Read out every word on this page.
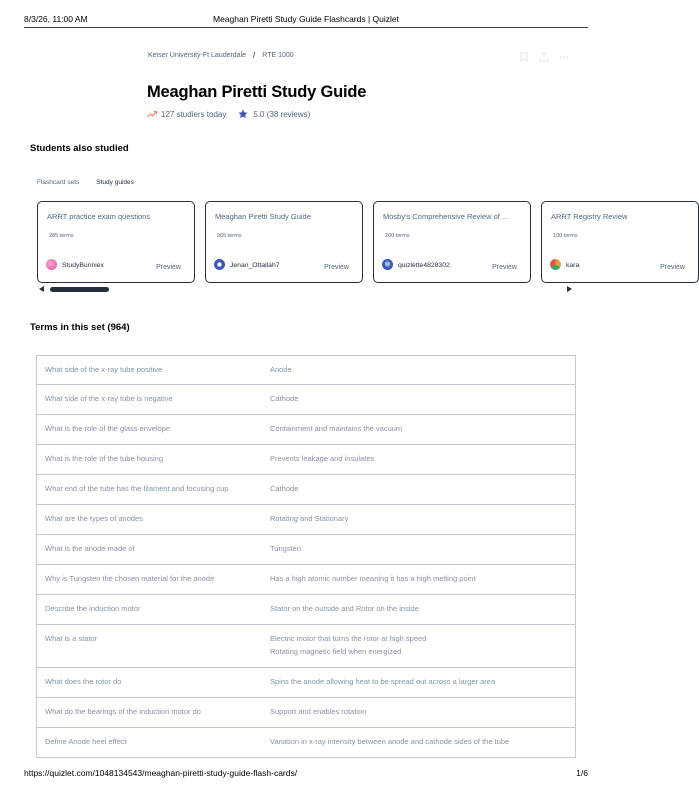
8/3/26, 11:00 AM	Meaghan Piretti Study Guide Flashcards | Quizlet
Keiser University-Ft Lauderdale / RTE 1000
Meaghan Piretti Study Guide
127 studiers today	5.0 (38 reviews)
Students also studied
Flashcard sets	Study guides
ARRT practice exam questions
285 terms
StudyBunniex	Preview
Meaghan Piretti Study Guide
965 terms
Jenan_Ottallah7	Preview
Mosby's Comprehensive Review of ...
200 terms
quizlette4828302	Preview
ARRT Registry Review
100 terms
kara	Preview
Terms in this set (964)
What side of the x-ray tube positive	Anode
What side of the x-ray tube is negative	Cathode
What is the role of the glass envelope	Containment and maintains the vacuum
What is the role of the tube housing	Prevents leakage and insulates
What end of the tube has the filament and focusing cup	Cathode
What are the types of anodes	Rotating and Stationary
What is the anode made of	Tungsten
Why is Tungsten the chosen material for the anode	Has a high atomic number meaning it has a high melting point
Describe the induction motor	Stator on the outside and Rotor on the inside
What is a stator	Electric motor that turns the rotor at high speed
Rotating magnetic field when energized
What does the rotor do	Spins the anode allowing heat to be spread out across a larger area
What do the bearings of the induction motor do	Support and enables rotation
Define Anode heel effect	Variation in x-ray intensity between anode and cathode sides of the tube
https://quizlet.com/1048134543/meaghan-piretti-study-guide-flash-cards/	1/6
